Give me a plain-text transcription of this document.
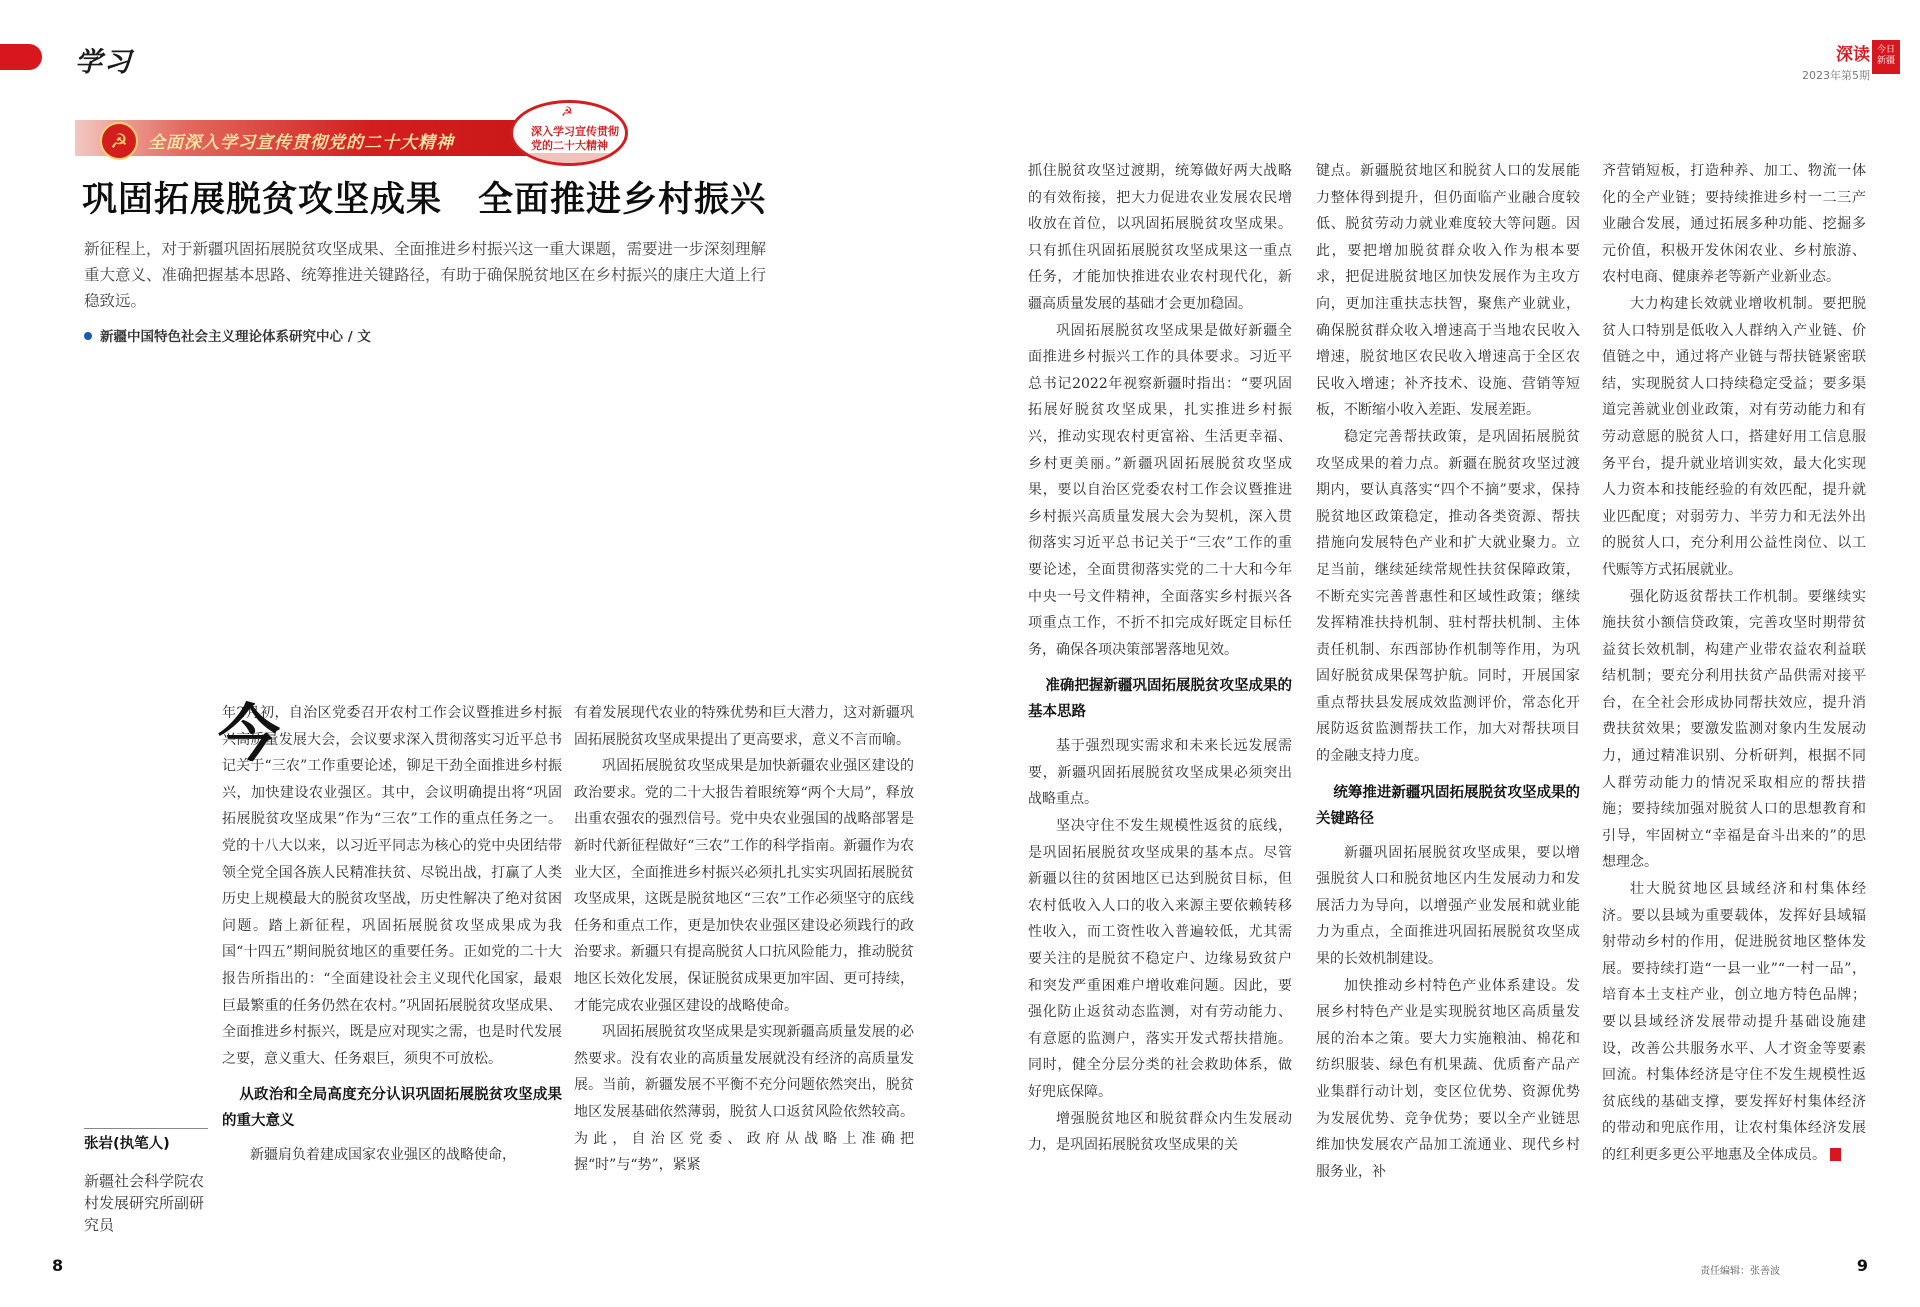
学习	深读
2023年第5期
今日
新疆
☭	全面深入学习宣传贯彻党的二十大精神
☭
深入学习宣传贯彻
党的二十大精神
巩固拓展脱贫攻坚成果　全面推进乡村振兴
新征程上，对于新疆巩固拓展脱贫攻坚成果、全面推进乡村振兴这一重大课题，需要进一步深刻理解重大意义、准确把握基本思路、统筹推进关键路径，有助于确保脱贫地区在乡村振兴的康庄大道上行稳致远。
新疆中国特色社会主义理论体系研究中心 / 文
今

年2月初，自治区党委召开农村工作会议暨推进乡村振兴高质量发展大会，会议要求深入贯彻落实习近平总书记关于“三农”工作重要论述，铆足干劲全面推进乡村振兴，加快建设农业强区。其中，会议明确提出将“巩固拓展脱贫攻坚成果”作为“三农”工作的重点任务之一。党的十八大以来，以习近平同志为核心的党中央团结带领全党全国各族人民精准扶贫、尽锐出战，打赢了人类历史上规模最大的脱贫攻坚战，历史性解决了绝对贫困问题。踏上新征程，巩固拓展脱贫攻坚成果成为我国“十四五”期间脱贫地区的重要任务。正如党的二十大报告所指出的：“全面建设社会主义现代化国家，最艰巨最繁重的任务仍然在农村。”巩固拓展脱贫攻坚成果、全面推进乡村振兴，既是应对现实之需，也是时代发展之要，意义重大、任务艰巨，须臾不可放松。

从政治和全局高度充分认识巩固拓展脱贫攻坚成果的重大意义

新疆肩负着建成国家农业强区的战略使命，

有着发展现代农业的特殊优势和巨大潜力，这对新疆巩固拓展脱贫攻坚成果提出了更高要求，意义不言而喻。

巩固拓展脱贫攻坚成果是加快新疆农业强区建设的政治要求。党的二十大报告着眼统筹“两个大局”，释放出重农强农的强烈信号。党中央农业强国的战略部署是新时代新征程做好“三农”工作的科学指南。新疆作为农业大区，全面推进乡村振兴必须扎扎实实巩固拓展脱贫攻坚成果，这既是脱贫地区“三农”工作必须坚守的底线任务和重点工作，更是加快农业强区建设必须践行的政治要求。新疆只有提高脱贫人口抗风险能力，推动脱贫地区长效化发展，保证脱贫成果更加牢固、更可持续，才能完成农业强区建设的战略使命。

巩固拓展脱贫攻坚成果是实现新疆高质量发展的必然要求。没有农业的高质量发展就没有经济的高质量发展。当前，新疆发展不平衡不充分问题依然突出，脱贫地区发展基础依然薄弱，脱贫人口返贫风险依然较高。为此，自治区党委、政府从战略上准确把握“时”与“势”，紧紧

抓住脱贫攻坚过渡期，统筹做好两大战略的有效衔接，把大力促进农业发展农民增收放在首位，以巩固拓展脱贫攻坚成果。只有抓住巩固拓展脱贫攻坚成果这一重点任务，才能加快推进农业农村现代化，新疆高质量发展的基础才会更加稳固。

巩固拓展脱贫攻坚成果是做好新疆全面推进乡村振兴工作的具体要求。习近平总书记2022年视察新疆时指出：“要巩固拓展好脱贫攻坚成果，扎实推进乡村振兴，推动实现农村更富裕、生活更幸福、乡村更美丽。”新疆巩固拓展脱贫攻坚成果，要以自治区党委农村工作会议暨推进乡村振兴高质量发展大会为契机，深入贯彻落实习近平总书记关于“三农”工作的重要论述，全面贯彻落实党的二十大和今年中央一号文件精神，全面落实乡村振兴各项重点工作，不折不扣完成好既定目标任务，确保各项决策部署落地见效。

准确把握新疆巩固拓展脱贫攻坚成果的基本思路

基于强烈现实需求和未来长远发展需要，新疆巩固拓展脱贫攻坚成果必须突出战略重点。

坚决守住不发生规模性返贫的底线，是巩固拓展脱贫攻坚成果的基本点。尽管新疆以往的贫困地区已达到脱贫目标，但农村低收入人口的收入来源主要依赖转移性收入，而工资性收入普遍较低，尤其需要关注的是脱贫不稳定户、边缘易致贫户和突发严重困难户增收难问题。因此，要强化防止返贫动态监测，对有劳动能力、有意愿的监测户，落实开发式帮扶措施。同时，健全分层分类的社会救助体系，做好兜底保障。

增强脱贫地区和脱贫群众内生发展动力，是巩固拓展脱贫攻坚成果的关

键点。新疆脱贫地区和脱贫人口的发展能力整体得到提升，但仍面临产业融合度较低、脱贫劳动力就业难度较大等问题。因此，要把增加脱贫群众收入作为根本要求，把促进脱贫地区加快发展作为主攻方向，更加注重扶志扶智，聚焦产业就业，确保脱贫群众收入增速高于当地农民收入增速，脱贫地区农民收入增速高于全区农民收入增速；补齐技术、设施、营销等短板，不断缩小收入差距、发展差距。

稳定完善帮扶政策，是巩固拓展脱贫攻坚成果的着力点。新疆在脱贫攻坚过渡期内，要认真落实“四个不摘”要求，保持脱贫地区政策稳定，推动各类资源、帮扶措施向发展特色产业和扩大就业聚力。立足当前，继续延续常规性扶贫保障政策，不断充实完善普惠性和区域性政策；继续发挥精准扶持机制、驻村帮扶机制、主体责任机制、东西部协作机制等作用，为巩固好脱贫成果保驾护航。同时，开展国家重点帮扶县发展成效监测评价，常态化开展防返贫监测帮扶工作，加大对帮扶项目的金融支持力度。

统筹推进新疆巩固拓展脱贫攻坚成果的关键路径

新疆巩固拓展脱贫攻坚成果，要以增强脱贫人口和脱贫地区内生发展动力和发展活力为导向，以增强产业发展和就业能力为重点，全面推进巩固拓展脱贫攻坚成果的长效机制建设。

加快推动乡村特色产业体系建设。发展乡村特色产业是实现脱贫地区高质量发展的治本之策。要大力实施粮油、棉花和纺织服装、绿色有机果蔬、优质畜产品产业集群行动计划，变区位优势、资源优势为发展优势、竞争优势；要以全产业链思维加快发展农产品加工流通业、现代乡村服务业，补

齐营销短板，打造种养、加工、物流一体化的全产业链；要持续推进乡村一二三产业融合发展，通过拓展多种功能、挖掘多元价值，积极开发休闲农业、乡村旅游、农村电商、健康养老等新产业新业态。

大力构建长效就业增收机制。要把脱贫人口特别是低收入人群纳入产业链、价值链之中，通过将产业链与帮扶链紧密联结，实现脱贫人口持续稳定受益；要多渠道完善就业创业政策，对有劳动能力和有劳动意愿的脱贫人口，搭建好用工信息服务平台，提升就业培训实效，最大化实现人力资本和技能经验的有效匹配，提升就业匹配度；对弱劳力、半劳力和无法外出的脱贫人口，充分利用公益性岗位、以工代赈等方式拓展就业。

强化防返贫帮扶工作机制。要继续实施扶贫小额信贷政策，完善攻坚时期带贫益贫长效机制，构建产业带农益农利益联结机制；要充分利用扶贫产品供需对接平台，在全社会形成协同帮扶效应，提升消费扶贫效果；要激发监测对象内生发展动力，通过精准识别、分析研判，根据不同人群劳动能力的情况采取相应的帮扶措施；要持续加强对脱贫人口的思想教育和引导，牢固树立“幸福是奋斗出来的”的思想理念。

壮大脱贫地区县域经济和村集体经济。要以县域为重要载体，发挥好县域辐射带动乡村的作用，促进脱贫地区整体发展。要持续打造“一县一业”“一村一品”，培育本土支柱产业，创立地方特色品牌；要以县域经济发展带动提升基础设施建设，改善公共服务水平、人才资金等要素回流。村集体经济是守住不发生规模性返贫底线的基础支撑，要发挥好村集体经济的带动和兜底作用，让农村集体经济发展的红利更多更公平地惠及全体成员。

张岩(执笔人)
新疆社会科学院农村发展研究所副研究员
8	责任编辑：张善波	9
